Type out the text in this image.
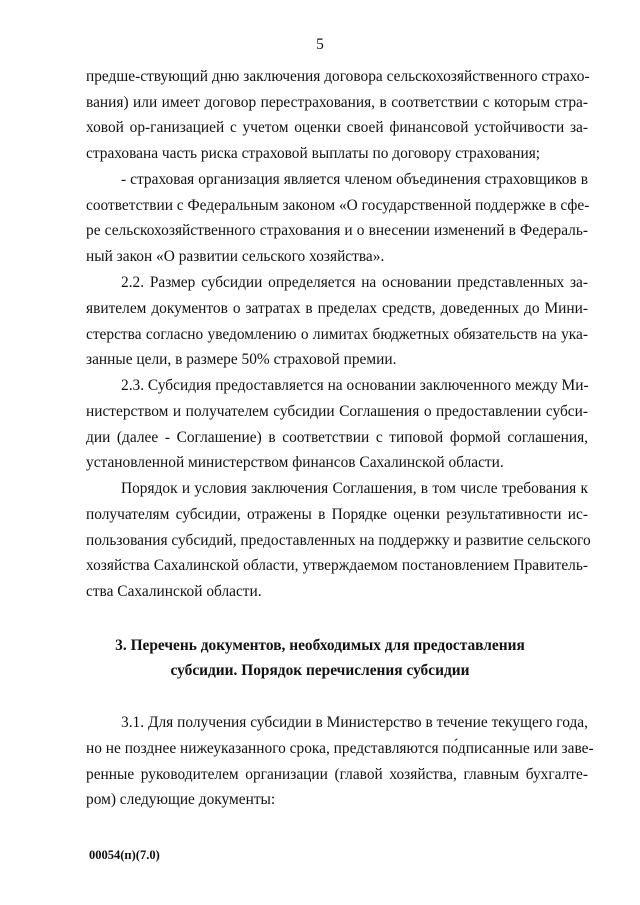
5
предше-ствующий дню заключения договора сельскохозяйственного страхо-
вания) или имеет договор перестрахования, в соответствии с которым стра-
ховой ор-ганизацией с учетом оценки своей финансовой устойчивости за-
страхована часть риска страховой выплаты по договору страхования;
- страховая организация является членом объединения страховщиков в
соответствии с Федеральным законом «О государственной поддержке в сфе-
ре сельскохозяйственного страхования и о внесении изменений в Федераль-
ный закон «О развитии сельского хозяйства».
2.2. Размер субсидии определяется на основании представленных за-
явителем документов о затратах в пределах средств, доведенных до Мини-
стерства согласно уведомлению о лимитах бюджетных обязательств на ука-
занные цели, в размере 50% страховой премии.
2.3. Субсидия предоставляется на основании заключенного между Ми-
нистерством и получателем субсидии Соглашения о предоставлении субси-
дии (далее - Соглашение) в соответствии с типовой формой соглашения,
установленной министерством финансов Сахалинской области.
Порядок и условия заключения Соглашения, в том числе требования к
получателям субсидии, отражены в Порядке оценки результативности ис-
пользования субсидий, предоставленных на поддержку и развитие сельского
хозяйства Сахалинской области, утверждаемом постановлением Правитель-
ства Сахалинской области.
3. Перечень документов, необходимых для предоставления
субсидии. Порядок перечисления субсидии
3.1. Для получения субсидии в Министерство в течение текущего года,
но не позднее нижеуказанного срока, представляются по́дписанные или заве-
ренные руководителем организации (главой хозяйства, главным бухгалте-
ром) следующие документы:
00054(п)(7.0)
